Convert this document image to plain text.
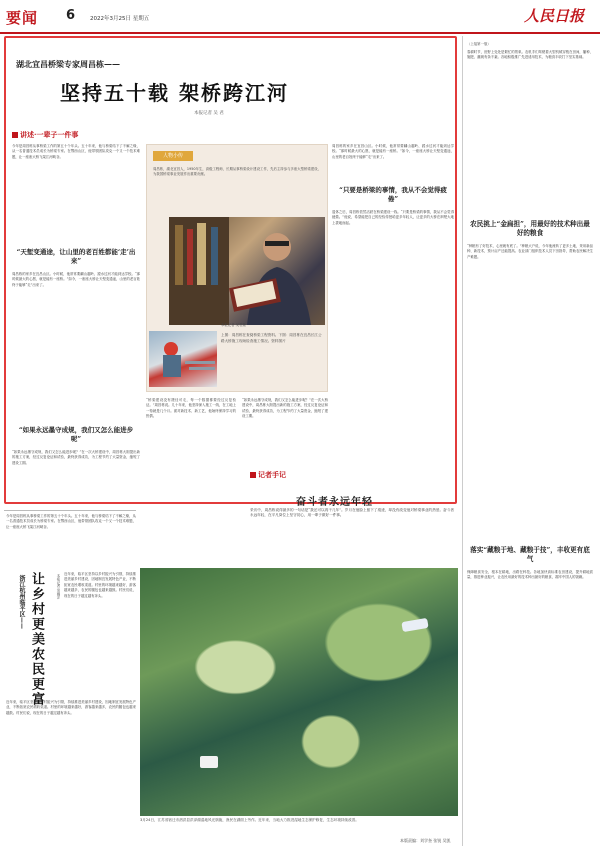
要闻 6	2022年3月25日 星期五	人民日报
湖北宜昌桥梁专家周昌栋——
坚持五十载 架桥跨江河
本报记者 吴 君
讲述·一辈子一件事
今年是周昌栋从事桥梁工作的第五十个年头。五十年来，他与桥梁结下了不解之缘，从一名普通技术员成长为桥梁专家。在鄂西山区，他带领团队攻克一个又一个技术难题，让一座座大桥飞架江河峡谷。
“天堑变通途，让山里的老百姓都能‘走’出来”
周昌栋的家乡在宜昌山区。小时候，他常常要翻山越岭、蹚水过河才能到达学校。“那时候最大的心愿，就是能有一座桥。”如今，一座座大桥让天堑变通途，山里的老百姓终于能够“走”出来了。
“如果永远墨守成规，我们又怎么能进步呢”
“如果永远墨守成规，我们又怎么能进步呢？”在一次大桥建设中，周昌栋大胆提出新的施工方案，经过反复论证和试验，最终获得成功，为工程节约了大量资金，缩短了建设工期。
人物小传
周昌栋，湖北宜昌人，1950年生，高级工程师，长期从事桥梁设计建设工作，先后主持参与多座大型桥梁建设，为我国桥梁事业发展作出重要贡献。
上图：周昌栋在查阅桥梁工程资料。下图：周昌栋在宜昌长江公路大桥施工现场检查施工情况。资料图片
本报记者 吴君摄
“桥梁建设没有捷径可走，每一个数据都要经过反复验证。”周昌栋说。几十年来，他坚持深入施工一线，在工地上一待就是几个月。面对新技术、新工艺，他始终保持学习的热情。
“如果永远墨守成规，我们又怎么能进步呢？”在一次大桥建设中，周昌栋大胆提出新的施工方案，经过反复论证和试验，最终获得成功，为工程节约了大量资金，缩短了建设工期。
周昌栋的家乡在宜昌山区。小时候，他常常要翻山越岭、蹚水过河才能到达学校。“那时候最大的心愿，就是能有一座桥。”如今，一座座大桥让天堑变通途，山里的老百姓终于能够“走”出来了。
“只要是桥梁的事情，我从不会觉得疲倦”
退休之后，周昌栋依然活跃在桥梁建设一线。“只要是桥梁的事情，我从不会觉得疲倦。”他说，希望能把自己的经验传授给更多年轻人，让更多的大桥在荆楚大地上拔地而起。
记者手记
奋斗者永远年轻
采访中，周昌栋说得最多的一句话是“我还可以再干几年”。岁月在他脸上留下了痕迹，却没有改变他对桥梁事业的热爱。奋斗者永远年轻，在平凡岗位上坚守初心，用一辈子做好一件事。
今年是周昌栋从事桥梁工作的第五十个年头。五十年来，他与桥梁结下了不解之缘，从一名普通技术员成长为桥梁专家。在鄂西山区，他带领团队攻克一个又一个技术难题，让一座座大桥飞架江河峡谷。
浙江杭州临平区—— 让乡村更美农民更富	本报记者 窦瀚洋 近年来，临平区坚持以乡村振兴为引领，持续推进美丽乡村建设，因地制宜发展特色产业，不断拓宽农民增收渠道。村里的环境越来越好，游客越来越多，农民的腰包也越来越鼓。村民们说，现在的日子越过越有奔头。
近年来，临平区坚持以乡村振兴为引领，持续推进美丽乡村建设，因地制宜发展特色产业，不断拓宽农民增收渠道。村里的环境越来越好，游客越来越多，农民的腰包也越来越鼓。村民们说，现在的日子越过越有奔头。
3月24日，江苏省宿迁市泗洪县洪泽湖湿地风光旖旎，渔民在湖面上劳作。近年来，当地大力推进湿地生态保护修复，生态环境持续改善。
（上接第一版）
春耕时节，田野上处处是繁忙的景象。农机手们驾驶着大型机械穿梭在田间，播种、施肥、灌溉有条不紊。各地积极推广先进适用技术，为粮食丰收打下坚实基础。
农民挑上“金扁担”，用最好的技术种出最好的粮食
“种粮有了好技术，心里就有底了。”种粮大户说，今年他流转了更多土地，采用新品种、新技术，预计亩产还能提高。农业部门组织技术人员下田指导，帮助农民解决生产难题。
落实“藏粮于地、藏粮于技”，丰收更有底气
保障粮食安全，根本在耕地，出路在科技。各地加快高标准农田建设，提升耕地质量，推进种业振兴，让农民用最好的技术种出最好的粮食，端牢中国人的饭碗。
本版责编：刘学奎 张锐 吴凯
